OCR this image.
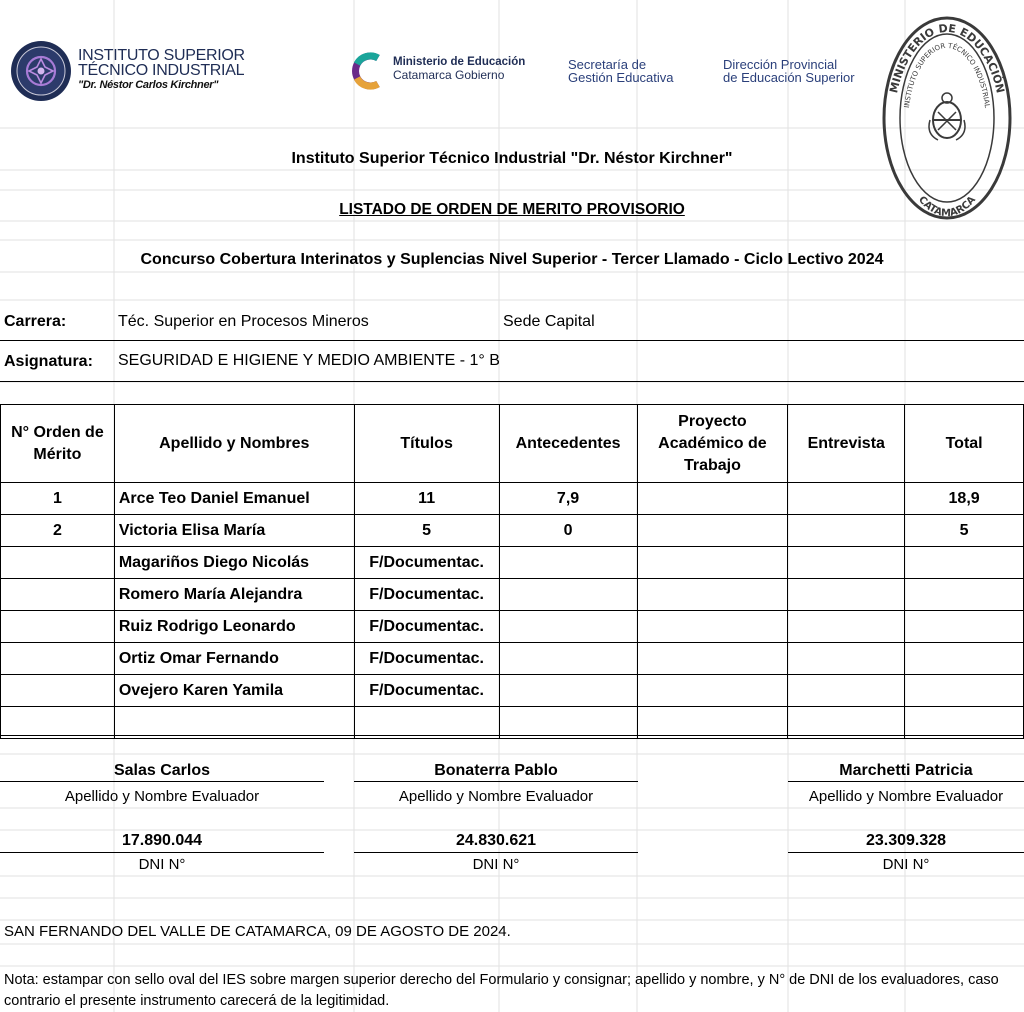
INSTITUTO SUPERIOR
TÉCNICO INDUSTRIAL
"Dr. Néstor Carlos Kirchner"
Ministerio de Educación
Catamarca Gobierno
Secretaría de
Gestión Educativa
Dirección Provincial
de Educación Superior
MINISTERIO DE EDUCACIÓN
INSTITUTO SUPERIOR TÉCNICO INDUSTRIAL
CATAMARCA
Instituto Superior Técnico Industrial "Dr. Néstor Kirchner"
LISTADO DE ORDEN DE MERITO PROVISORIO
Concurso Cobertura Interinatos y Suplencias Nivel Superior - Tercer Llamado - Ciclo Lectivo 2024
Carrera:	Téc. Superior en Procesos Mineros	Sede Capital
Asignatura: SEGURIDAD E HIGIENE Y MEDIO AMBIENTE - 1° B
N° Orden de Mérito	Apellido y Nombres	Títulos	Antecedentes	Proyecto Académico de Trabajo	Entrevista	Total
1	Arce Teo Daniel Emanuel	11	7,9			18,9
2	Victoria Elisa María	5	0			5
	Magariños Diego Nicolás	F/Documentac.				
	Romero María Alejandra	F/Documentac.				
	Ruiz Rodrigo Leonardo	F/Documentac.				
	Ortiz Omar Fernando	F/Documentac.				
	Ovejero Karen Yamila	F/Documentac.				

Salas Carlos
Apellido y Nombre Evaluador
17.890.044
DNI N°
Bonaterra Pablo
Apellido y Nombre Evaluador
24.830.621
DNI N°
Marchetti Patricia
Apellido y Nombre Evaluador
23.309.328
DNI N°
SAN FERNANDO DEL VALLE DE CATAMARCA, 09 DE AGOSTO DE 2024.
Nota: estampar con sello oval del IES sobre margen superior derecho del Formulario y consignar; apellido y nombre, y N° de DNI de los evaluadores, caso contrario el presente instrumento carecerá de la legitimidad.
